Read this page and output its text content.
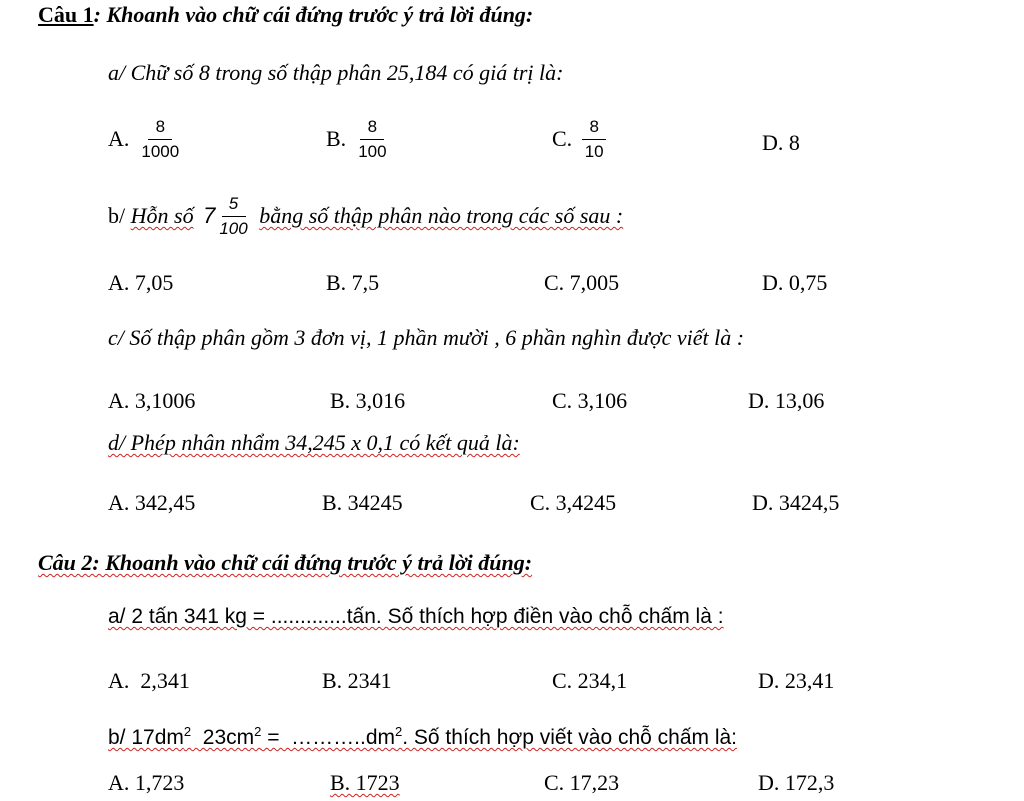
Câu 1: Khoanh vào chữ cái đứng trước ý trả lời đúng:
a/ Chữ số 8 trong số thập phân 25,184 có giá trị là:
A. $\frac{8}{1000}$	B. $\frac{8}{100}$	C. $\frac{8}{10}$	D. 8
b/ Hỗn số $7 \frac{5}{100}$ bằng số thập phân nào trong các số sau :
A. 7,05	B. 7,5	C. 7,005	D. 0,75
c/ Số thập phân gồm 3 đơn vị, 1 phần mười , 6 phần nghìn được viết là :
A. 3,1006	B. 3,016	C. 3,106	D. 13,06
d/ Phép nhân nhẩm 34,245 x 0,1 có kết quả là:
A. 342,45	B. 34245	C. 3,4245	D. 3424,5
Câu 2: Khoanh vào chữ cái đứng trước ý trả lời đúng:
a/ 2 tấn 341 kg = .............tấn. Số thích hợp điền vào chỗ chấm là :
A.  2,341	B. 2341	C. 234,1	D. 23,41
b/ $17dm^2$  $23cm^2$ =  $\dots\dots\dots..dm^2$. Số thích hợp viết vào chỗ chấm là:
A. 1,723	B. 1723	C. 17,23	D. 172,3
